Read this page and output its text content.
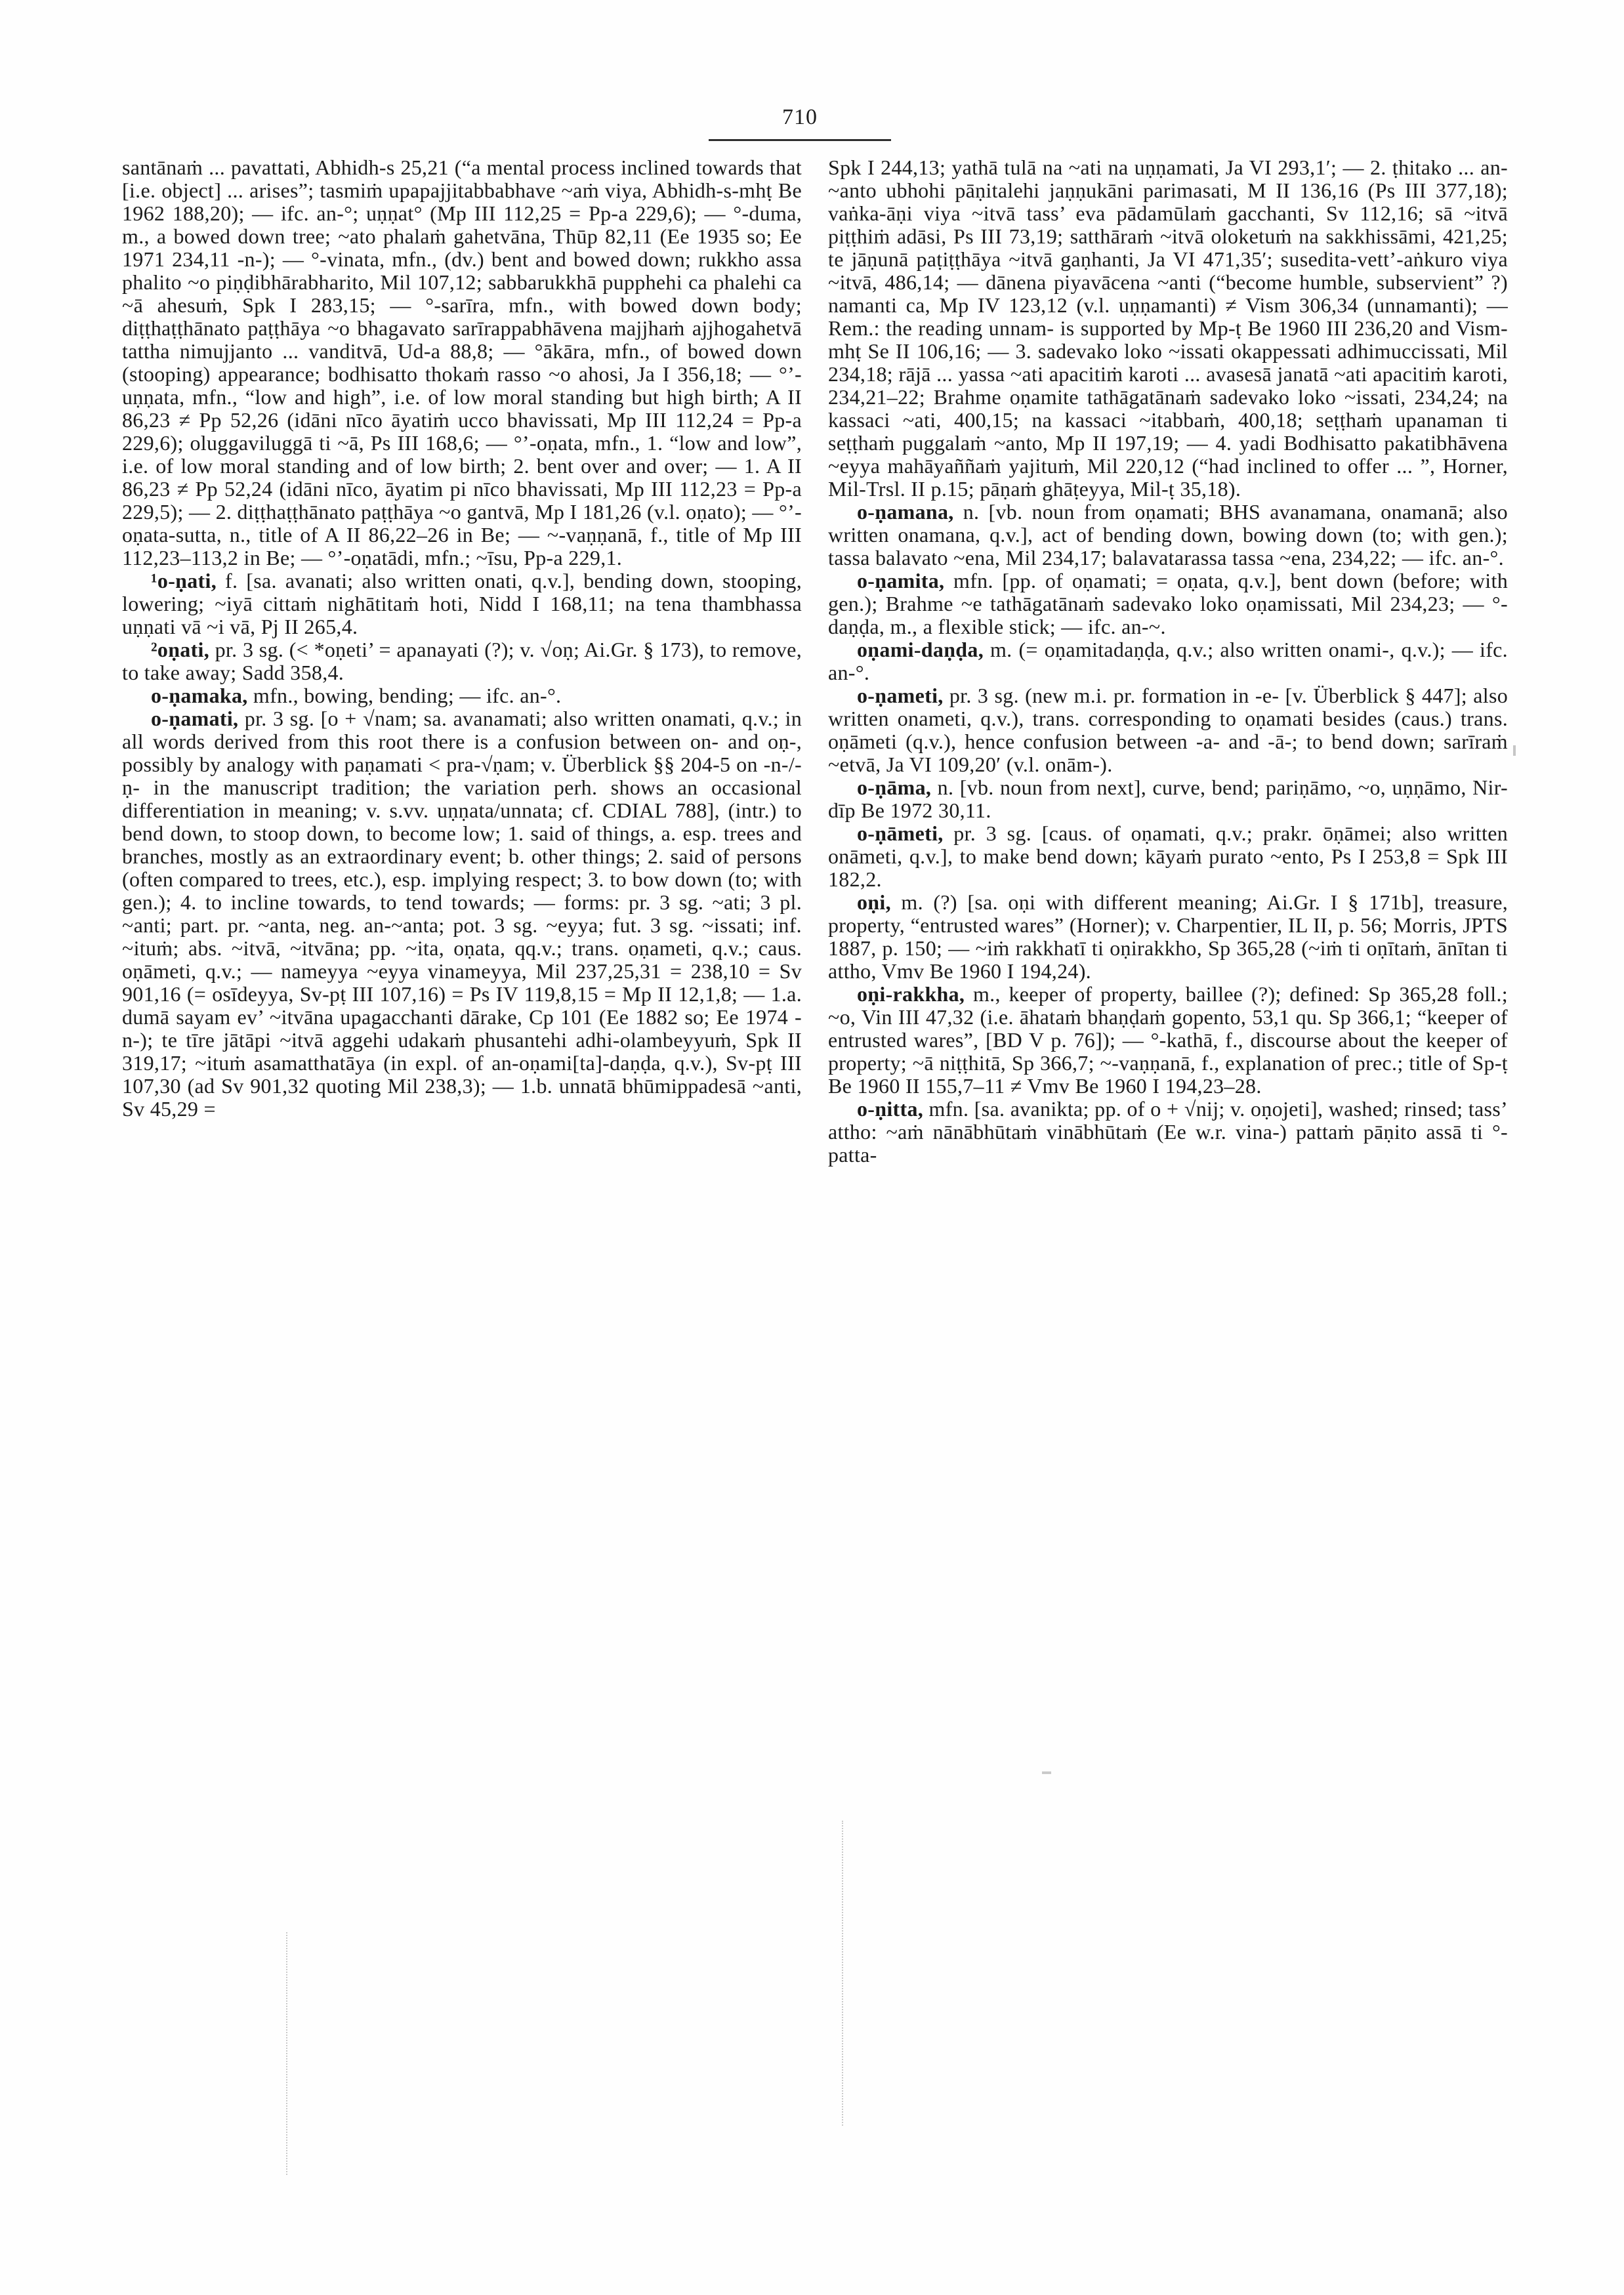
710

santānaṁ ... pavattati, Abhidh-s 25,21 (“a mental process inclined towards that [i.e. object] ... arises”; tasmiṁ upapajjitabbabhave ~aṁ viya, Abhidh-s-mhṭ Be 1962 188,20); — ifc. an-°; uṇṇat° (Mp III 112,25 = Pp-a 229,6); — °-duma, m., a bowed down tree; ~ato phalaṁ gahetvāna, Thūp 82,11 (Ee 1935 so; Ee 1971 234,11 -n-); — °-vinata, mfn., (dv.) bent and bowed down; rukkho assa phalito ~o piṇḍibhārabharito, Mil 107,12; sabbarukkhā pupphehi ca phalehi ca ~ā ahesuṁ, Spk I 283,15; — °-sarīra, mfn., with bowed down body; diṭṭhaṭṭhānato paṭṭhāya ~o bhagavato sarīrappabhāvena majjhaṁ ajjhogahetvā tattha nimujjanto ... vanditvā, Ud-a 88,8; — °ākāra, mfn., of bowed down (stooping) appearance; bodhisatto thokaṁ rasso ~o ahosi, Ja I 356,18; — °’-uṇṇata, mfn., “low and high”, i.e. of low moral standing but high birth; A II 86,23 ≠ Pp 52,26 (idāni nīco āyatiṁ ucco bhavissati, Mp III 112,24 = Pp-a 229,6); oluggaviluggā ti ~ā, Ps III 168,6; — °’-oṇata, mfn., 1. “low and low”, i.e. of low moral standing and of low birth; 2. bent over and over; — 1. A II 86,23 ≠ Pp 52,24 (idāni nīco, āyatim pi nīco bhavissati, Mp III 112,23 = Pp-a 229,5); — 2. diṭṭhaṭṭhānato paṭṭhāya ~o gantvā, Mp I 181,26 (v.l. oṇato); — °’-oṇata-sutta, n., title of A II 86,22–26 in Be; — ~-vaṇṇanā, f., title of Mp III 112,23–113,2 in Be; — °’-oṇatādi, mfn.; ~īsu, Pp-a 229,1.

¹o-ṇati, f. [sa. avanati; also written onati, q.v.], bending down, stooping, lowering; ~iyā cittaṁ nighātitaṁ hoti, Nidd I 168,11; na tena thambhassa uṇṇati vā ~i vā, Pj II 265,4.

²oṇati, pr. 3 sg. (< *oṇeti’ = apanayati (?); v. √oṇ; Ai.Gr. § 173), to remove, to take away; Sadd 358,4.

o-ṇamaka, mfn., bowing, bending; — ifc. an-°.

o-ṇamati, pr. 3 sg. [o + √nam; sa. avanamati; also written onamati, q.v.; in all words derived from this root there is a confusion between on- and oṇ-, possibly by analogy with paṇamati < pra-√ṇam; v. Überblick §§ 204-5 on -n-/-ṇ- in the manuscript tradition; the variation perh. shows an occasional differentiation in meaning; v. s.vv. uṇṇata/unnata; cf. CDIAL 788], (intr.) to bend down, to stoop down, to become low; 1. said of things, a. esp. trees and branches, mostly as an extraordinary event; b. other things; 2. said of persons (often compared to trees, etc.), esp. implying respect; 3. to bow down (to; with gen.); 4. to incline towards, to tend towards; — forms: pr. 3 sg. ~ati; 3 pl. ~anti; part. pr. ~anta, neg. an-~anta; pot. 3 sg. ~eyya; fut. 3 sg. ~issati; inf. ~ituṁ; abs. ~itvā, ~itvāna; pp. ~ita, oṇata, qq.v.; trans. oṇameti, q.v.; caus. oṇāmeti, q.v.; — nameyya ~eyya vinameyya, Mil 237,25,31 = 238,10 = Sv 901,16 (= osīdeyya, Sv-pṭ III 107,16) = Ps IV 119,8,15 = Mp II 12,1,8; — 1.a. dumā sayam ev’ ~itvāna upagacchanti dārake, Cp 101 (Ee 1882 so; Ee 1974 -n-); te tīre jātāpi ~itvā aggehi udakaṁ phusantehi adhi-olambeyyuṁ, Spk II 319,17; ~ituṁ asamatthatāya (in expl. of an-oṇami[ta]-daṇḍa, q.v.), Sv-pṭ III 107,30 (ad Sv 901,32 quoting Mil 238,3); — 1.b. unnatā bhūmippadesā ~anti, Sv 45,29 =

Spk I 244,13; yathā tulā na ~ati na uṇṇamati, Ja VI 293,1′; — 2. ṭhitako ... an-~anto ubhohi pāṇitalehi jaṇṇukāni parimasati, M II 136,16 (Ps III 377,18); vaṅka-āṇi viya ~itvā tass’ eva pādamūlaṁ gacchanti, Sv 112,16; sā ~itvā piṭṭhiṁ adāsi, Ps III 73,19; satthāraṁ ~itvā oloketuṁ na sakkhissāmi, 421,25; te jāṇunā paṭiṭṭhāya ~itvā gaṇhanti, Ja VI 471,35′; susedita-vett’-aṅkuro viya ~itvā, 486,14; — dānena piyavācena ~anti (“become humble, subservient” ?) namanti ca, Mp IV 123,12 (v.l. uṇṇamanti) ≠ Vism 306,34 (unnamanti); — Rem.: the reading unnam- is supported by Mp-ṭ Be 1960 III 236,20 and Vism-mhṭ Se II 106,16; — 3. sadevako loko ~issati okappessati adhimuccissati, Mil 234,18; rājā ... yassa ~ati apacitiṁ karoti ... avasesā janatā ~ati apacitiṁ karoti, 234,21–22; Brahme oṇamite tathāgatānaṁ sadevako loko ~issati, 234,24; na kassaci ~ati, 400,15; na kassaci ~itabbaṁ, 400,18; seṭṭhaṁ upanaman ti seṭṭhaṁ puggalaṁ ~anto, Mp II 197,19; — 4. yadi Bodhisatto pakatibhāvena ~eyya mahāyaññaṁ yajituṁ, Mil 220,12 (“had inclined to offer ... ”, Horner, Mil-Trsl. II p.15; pāṇaṁ ghāṭeyya, Mil-ṭ 35,18).

o-ṇamana, n. [vb. noun from oṇamati; BHS avanamana, onamanā; also written onamana, q.v.], act of bending down, bowing down (to; with gen.); tassa balavato ~ena, Mil 234,17; balavatarassa tassa ~ena, 234,22; — ifc. an-°.

o-ṇamita, mfn. [pp. of oṇamati; = oṇata, q.v.], bent down (before; with gen.); Brahme ~e tathāgatānaṁ sadevako loko oṇamissati, Mil 234,23; — °-daṇḍa, m., a flexible stick; — ifc. an-~.

oṇami-daṇḍa, m. (= oṇamitadaṇḍa, q.v.; also written onami-, q.v.); — ifc. an-°.

o-ṇameti, pr. 3 sg. (new m.i. pr. formation in -e- [v. Überblick § 447]; also written onameti, q.v.), trans. corresponding to oṇamati besides (caus.) trans. oṇāmeti (q.v.), hence confusion between -a- and -ā-; to bend down; sarīraṁ ~etvā, Ja VI 109,20′ (v.l. onām-).

o-ṇāma, n. [vb. noun from next], curve, bend; pariṇāmo, ~o, uṇṇāmo, Nir-dīp Be 1972 30,11.

o-ṇāmeti, pr. 3 sg. [caus. of oṇamati, q.v.; prakr. ōṇāmei; also written onāmeti, q.v.], to make bend down; kāyaṁ purato ~ento, Ps I 253,8 = Spk III 182,2.

oṇi, m. (?) [sa. oṇi with different meaning; Ai.Gr. I § 171b], treasure, property, “entrusted wares” (Horner); v. Charpentier, IL II, p. 56; Morris, JPTS 1887, p. 150; — ~iṁ rakkhatī ti oṇirakkho, Sp 365,28 (~iṁ ti oṇītaṁ, ānītan ti attho, Vmv Be 1960 I 194,24).

oṇi-rakkha, m., keeper of property, baillee (?); defined: Sp 365,28 foll.; ~o, Vin III 47,32 (i.e. āhataṁ bhaṇḍaṁ gopento, 53,1 qu. Sp 366,1; “keeper of entrusted wares”, [BD V p. 76]); — °-kathā, f., discourse about the keeper of property; ~ā niṭṭhitā, Sp 366,7; ~-vaṇṇanā, f., explanation of prec.; title of Sp-ṭ Be 1960 II 155,7–11 ≠ Vmv Be 1960 I 194,23–28.

o-ṇitta, mfn. [sa. avanikta; pp. of o + √nij; v. oṇojeti], washed; rinsed; tass’ attho: ~aṁ nānābhūtaṁ vinābhūtaṁ (Ee w.r. vina-) pattaṁ pāṇito assā ti °-patta-
